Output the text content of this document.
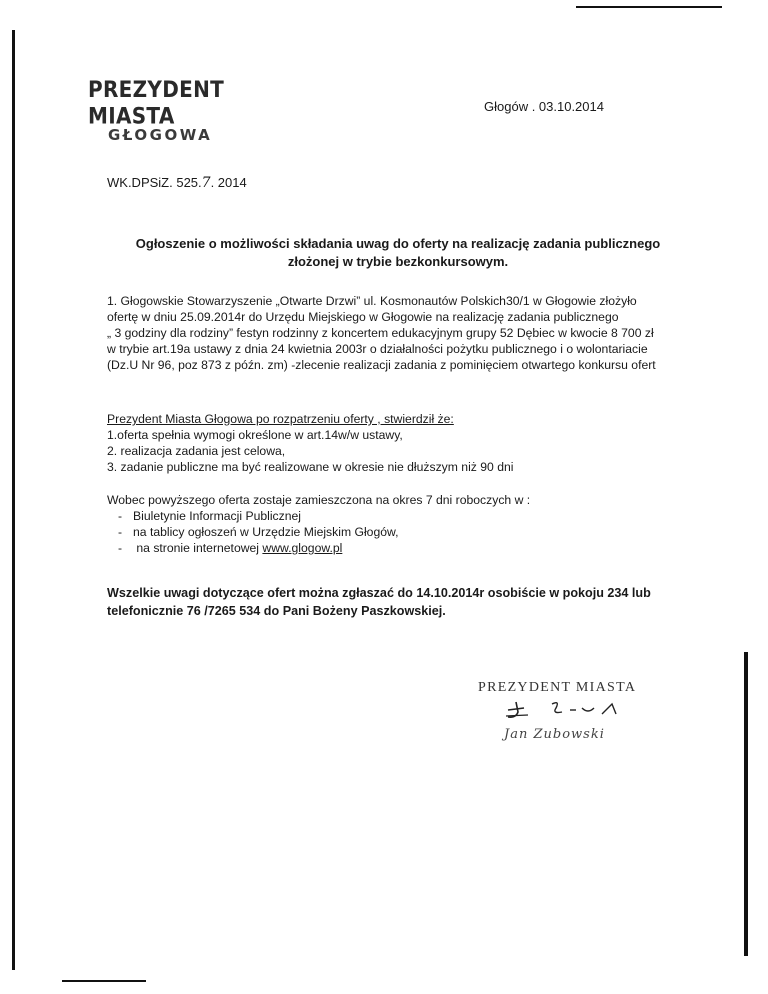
PREZYDENT MIASTA
GŁOGOWA
Głogów . 03.10.2014
WK.DPSiZ. 525.7. 2014
Ogłoszenie o możliwości składania uwag do oferty na realizację zadania publicznego
złożonej w trybie bezkonkursowym.
1. Głogowskie Stowarzyszenie „Otwarte Drzwi” ul. Kosmonautów Polskich30/1 w Głogowie złożyło
ofertę w dniu 25.09.2014r do Urzędu Miejskiego w Głogowie na realizację zadania publicznego
„ 3 godziny dla rodziny” festyn rodzinny z koncertem edukacyjnym grupy 52 Dębiec w kwocie 8 700 zł
w trybie art.19a ustawy z dnia 24 kwietnia 2003r o działalności pożytku publicznego i o wolontariacie
(Dz.U Nr 96, poz 873 z późn. zm) -zlecenie realizacji zadania z pominięciem otwartego konkursu ofert
Prezydent Miasta Głogowa po rozpatrzeniu oferty , stwierdził że:
1.oferta spełnia wymogi określone w art.14w/w ustawy,
2. realizacja zadania jest celowa,
3. zadanie publiczne ma być realizowane w okresie nie dłuższym niż 90 dni
Wobec powyższego oferta zostaje zamieszczona na okres 7 dni roboczych w :
- Biuletynie Informacji Publicznej
- na tablicy ogłoszeń w Urzędzie Miejskim Głogów,
- na stronie internetowej www.glogow.pl
Wszelkie uwagi dotyczące ofert można zgłaszać do 14.10.2014r osobiście w pokoju 234 lub
telefonicznie 76 /7265 534 do Pani Bożeny Paszkowskiej.
PREZYDENT MIASTA
Jan Zubowski
